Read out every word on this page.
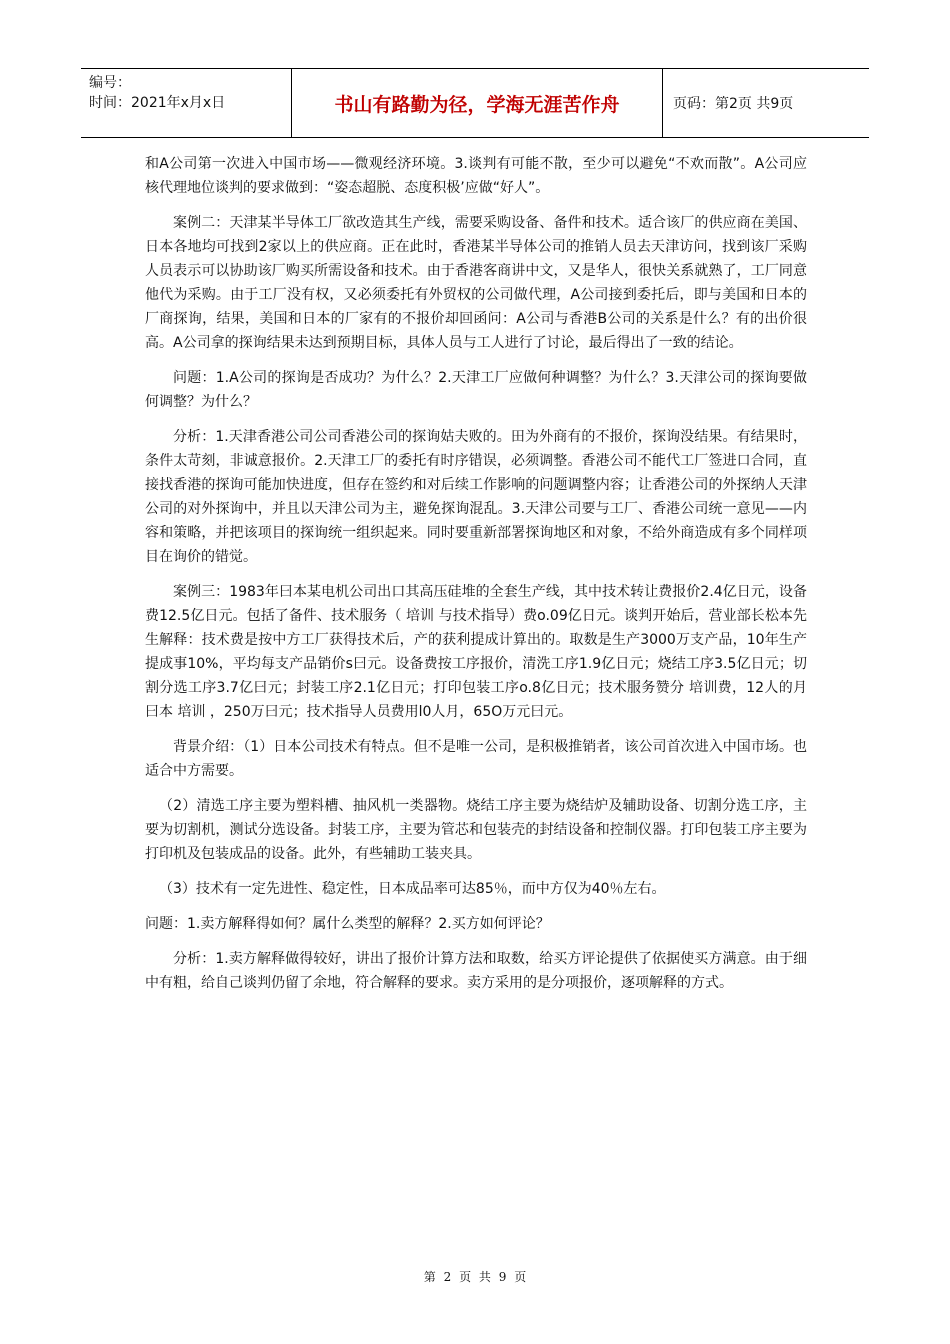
编号：
时间：2021年x月x日	书山有路勤为径，学海无涯苦作舟	页码：第2页 共9页

和A公司第一次进入中国市场——微观经济环境。3.谈判有可能不散，至少可以避免“不欢而散”。A公司应核代理地位谈判的要求做到：“姿态超脱、态度积极’应做“好人”。

案例二：天津某半导体工厂欲改造其生产线，需要采购设备、备件和技术。适合该厂的供应商在美国、日本各地均可找到2家以上的供应商。正在此时，香港某半导体公司的推销人员去天津访问，找到该厂采购人员表示可以协助该厂购买所需设备和技术。由于香港客商讲中文，又是华人，很快关系就熟了，工厂同意他代为采购。由于工厂没有权，又必须委托有外贸权的公司做代理，A公司接到委托后，即与美国和日本的厂商探询，结果，美国和日本的厂家有的不报价却回函问：A公司与香港B公司的关系是什么？有的出价很高。A公司拿的探询结果未达到预期目标，具体人员与工人进行了讨论，最后得出了一致的结论。

问题：1.A公司的探询是否成功？为什么？2.天津工厂应做何种调整？为什么？3.天津公司的探询要做何调整？为什么？

分析：1.天津香港公司公司香港公司的探询姑夫败的。田为外商有的不报价，探询没结果。有结果时，条件太苛刻，非诚意报价。2.天津工厂的委托有时序错误，必须调整。香港公司不能代工厂签进口合同，直接找香港的探询可能加快进度，但存在签约和对后续工作影响的问题调整内容；让香港公司的外探纳人天津公司的对外探询中，并且以天津公司为主，避免探询混乱。3.天津公司要与工厂、香港公司统一意见——内容和策略，并把该项目的探询统一组织起来。同时要重新部署探询地区和对象，不给外商造成有多个同样项目在询价的错觉。

案例三：1983年曰本某电机公司出口其高压硅堆的全套生产线，其中技术转让费报价2.4亿日元，设备费12.5亿日元。包括了备件、技术服务（ 培训 与技术指导）费o.09亿日元。谈判开始后，营业部长松本先生解释：技术费是按中方工厂获得技术后，产的获利提成计算出的。取数是生产3000万支产品，10年生产提成事10%，平均每支产品销价s曰元。设备费按工序报价，清洗工序1.9亿日元；烧结工序3.5亿日元；切割分选工序3.7亿曰元；封装工序2.1亿日元；打印包装工序o.8亿日元；技术服务赞分 培训费，12人的月曰本 培训 ，250万曰元；技术指导人员费用l0人月，65O万元曰元。

背景介绍：（1）日本公司技术有特点。但不是唯一公司，是积极推销者，该公司首次进入中国市场。也适合中方需要。

（2）清选工序主要为塑料槽、抽风机一类器物。烧结工序主要为烧结炉及辅助设备、切割分选工序，主要为切割机，测试分选设备。封装工序，主要为管芯和包装壳的封结设备和控制仪器。打印包装工序主要为打印机及包装成品的设备。此外，有些辅助工装夹具。

（3）技术有一定先进性、稳定性，日本成品率可达85％，而中方仅为40％左右。

问题：1.卖方解释得如何？属什么类型的解释？2.买方如何评论？

分析：1.卖方解释做得较好，讲出了报价计算方法和取数，给买方评论提供了依据使买方满意。由于细中有粗，给自己谈判仍留了余地，符合解释的要求。卖方采用的是分项报价，逐项解释的方式。

第 2 页 共 9 页
